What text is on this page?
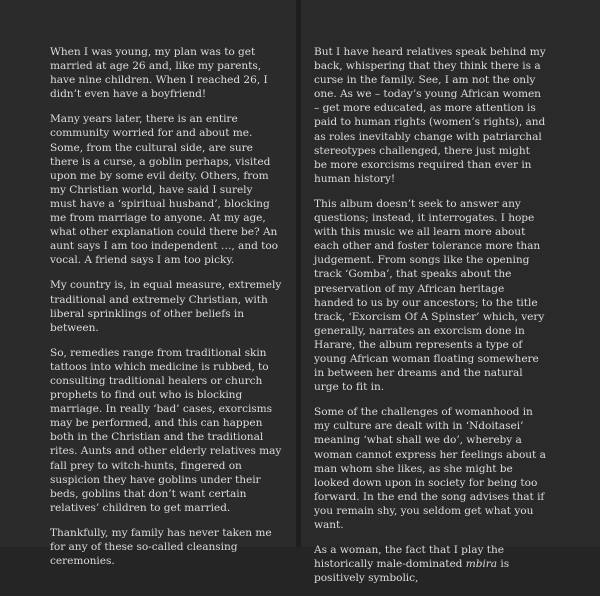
When I was young, my plan was to get married at age 26 and, like my parents, have nine children. When I reached 26, I didn’t even have a boyfriend!

Many years later, there is an entire community worried for and about me. Some, from the cultural side, are sure there is a curse, a goblin perhaps, visited upon me by some evil deity. Others, from my Christian world, have said I surely must have a ‘spiritual husband’, blocking me from marriage to anyone. At my age, what other explanation could there be? An aunt says I am too independent …, and too vocal. A friend says I am too picky.

My country is, in equal measure, extremely traditional and extremely Christian, with liberal sprinklings of other beliefs in between.

So, remedies range from traditional skin tattoos into which medicine is rubbed, to consulting traditional healers or church prophets to find out who is blocking marriage. In really ‘bad’ cases, exorcisms may be performed, and this can happen both in the Christian and the traditional rites. Aunts and other elderly relatives may fall prey to witch-hunts, fingered on suspicion they have goblins under their beds, goblins that don’t want certain relatives’ children to get married.

Thankfully, my family has never taken me for any of these so-called cleansing ceremonies.

But I have heard relatives speak behind my back, whispering that they think there is a curse in the family. See, I am not the only one. As we – today’s young African women – get more educated, as more attention is paid to human rights (women’s rights), and as roles inevitably change with patriarchal stereotypes challenged, there just might be more exorcisms required than ever in human history!

This album doesn’t seek to answer any questions; instead, it interrogates. I hope with this music we all learn more about each other and foster tolerance more than judgement. From songs like the opening track ‘Gomba’, that speaks about the preservation of my African heritage handed to us by our ancestors; to the title track, ‘Exorcism Of A Spinster’ which, very generally, narrates an exorcism done in Harare, the album represents a type of young African woman floating somewhere in between her dreams and the natural urge to fit in.

Some of the challenges of womanhood in my culture are dealt with in ‘Ndoitasei’ meaning ‘what shall we do’, whereby a woman cannot express her feelings about a man whom she likes, as she might be looked down upon in society for being too forward. In the end the song advises that if you remain shy, you seldom get what you want.

As a woman, the fact that I play the historically male-dominated mbira is positively symbolic,
